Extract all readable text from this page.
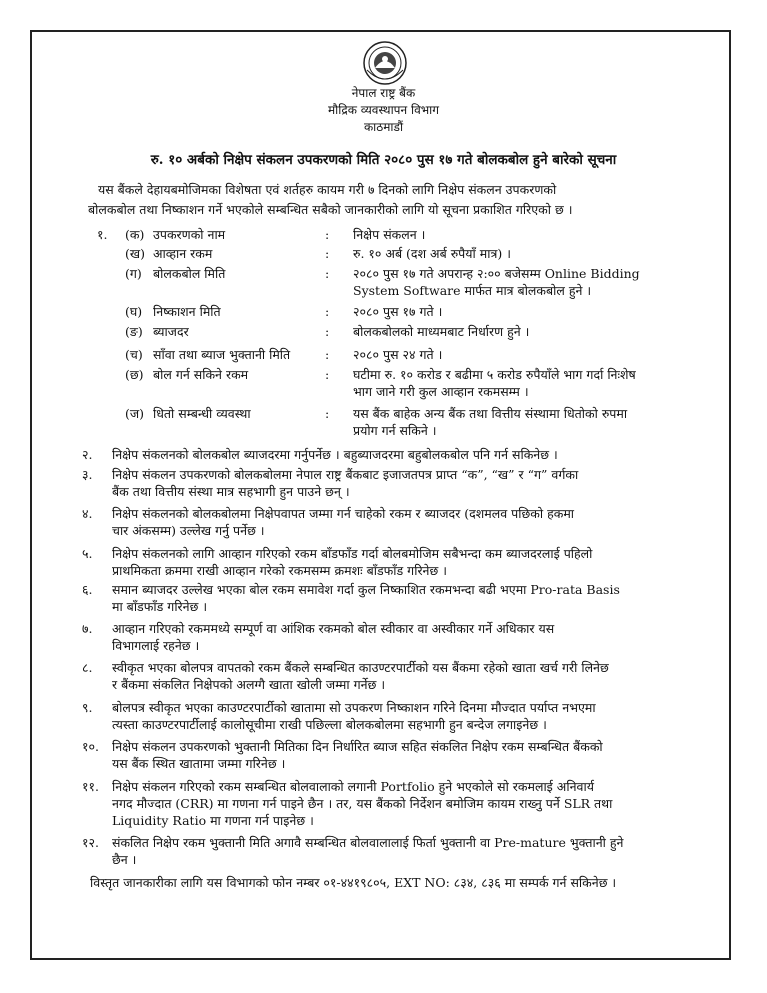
नेपाल राष्ट्र बैंक
मौद्रिक व्यवस्थापन विभाग
काठमाडौं
रु. १० अर्बको निक्षेप संकलन उपकरणको मिति २०८० पुस १७ गते बोलकबोल हुने बारेको सूचना
यस बैंकले देहायबमोजिमका विशेषता एवं शर्तहरु कायम गरी ७ दिनको लागि निक्षेप संकलन उपकरणको
बोलकबोल तथा निष्काशन गर्ने भएकोले सम्बन्धित सबैको जानकारीको लागि यो सूचना प्रकाशित गरिएको छ ।
१. (क) उपकरणको नाम	: निक्षेप संकलन ।
(ख) आव्हान रकम	: रु. १० अर्ब (दश अर्ब रुपैयाँ मात्र) ।
(ग) बोलकबोल मिति	: २०८० पुस १७ गते अपरान्ह २:०० बजेसम्म Online Bidding
System Software मार्फत मात्र बोलकबोल हुने ।
(घ) निष्काशन मिति	: २०८० पुस १७ गते ।
(ङ) ब्याजदर	: बोलकबोलको माध्यमबाट निर्धारण हुने ।
(च) साँवा तथा ब्याज भुक्तानी मिति	: २०८० पुस २४ गते ।
(छ) बोल गर्न सकिने रकम	: घटीमा रु. १० करोड र बढीमा ५ करोड रुपैयाँले भाग गर्दा निःशेष
भाग जाने गरी कुल आव्हान रकमसम्म ।
(ज) धितो सम्बन्धी व्यवस्था	: यस बैंक बाहेक अन्य बैंक तथा वित्तीय संस्थामा धितोको रुपमा
प्रयोग गर्न सकिने ।
२. निक्षेप संकलनको बोलकबोल ब्याजदरमा गर्नुपर्नेछ । बहुब्याजदरमा बहुबोलकबोल पनि गर्न सकिनेछ ।
३. निक्षेप संकलन उपकरणको बोलकबोलमा नेपाल राष्ट्र बैंकबाट इजाजतपत्र प्राप्त “क”, “ख” र “ग” वर्गका
बैंक तथा वित्तीय संस्था मात्र सहभागी हुन पाउने छन् ।
४. निक्षेप संकलनको बोलकबोलमा निक्षेपवापत जम्मा गर्न चाहेको रकम र ब्याजदर (दशमलव पछिको हकमा
चार अंकसम्म) उल्लेख गर्नु पर्नेछ ।
५. निक्षेप संकलनको लागि आव्हान गरिएको रकम बाँडफाँड गर्दा बोलबमोजिम सबैभन्दा कम ब्याजदरलाई पहिलो
प्राथमिकता क्रममा राखी आव्हान गरेको रकमसम्म क्रमशः बाँडफाँड गरिनेछ ।
६. समान ब्याजदर उल्लेख भएका बोल रकम समावेश गर्दा कुल निष्काशित रकमभन्दा बढी भएमा Pro-rata Basis
मा बाँडफाँड गरिनेछ ।
७. आव्हान गरिएको रकममध्ये सम्पूर्ण वा आंशिक रकमको बोल स्वीकार वा अस्वीकार गर्ने अधिकार यस
विभागलाई रहनेछ ।
८. स्वीकृत भएका बोलपत्र वापतको रकम बैंकले सम्बन्धित काउण्टरपार्टीको यस बैंकमा रहेको खाता खर्च गरी लिनेछ
र बैंकमा संकलित निक्षेपको अलग्गै खाता खोली जम्मा गर्नेछ ।
९. बोलपत्र स्वीकृत भएका काउण्टरपार्टीको खातामा सो उपकरण निष्काशन गरिने दिनमा मौज्दात पर्याप्त नभएमा
त्यस्ता काउण्टरपार्टीलाई कालोसूचीमा राखी पछिल्ला बोलकबोलमा सहभागी हुन बन्देज लगाइनेछ ।
१०. निक्षेप संकलन उपकरणको भुक्तानी मितिका दिन निर्धारित ब्याज सहित संकलित निक्षेप रकम सम्बन्धित बैंकको
यस बैंक स्थित खातामा जम्मा गरिनेछ ।
११. निक्षेप संकलन गरिएको रकम सम्बन्धित बोलवालाको लगानी Portfolio हुने भएकोले सो रकमलाई अनिवार्य
नगद मौज्दात (CRR) मा गणना गर्न पाइने छैन । तर, यस बैंकको निर्देशन बमोजिम कायम राख्नु पर्ने SLR तथा
Liquidity Ratio मा गणना गर्न पाइनेछ ।
१२. संकलित निक्षेप रकम भुक्तानी मिति अगावै सम्बन्धित बोलवालालाई फिर्ता भुक्तानी वा Pre-mature भुक्तानी हुने
छैन ।
विस्तृत जानकारीका लागि यस विभागको फोन नम्बर ०१-४४१९८०५, EXT NO: ८३४, ८३६ मा सम्पर्क गर्न सकिनेछ ।
